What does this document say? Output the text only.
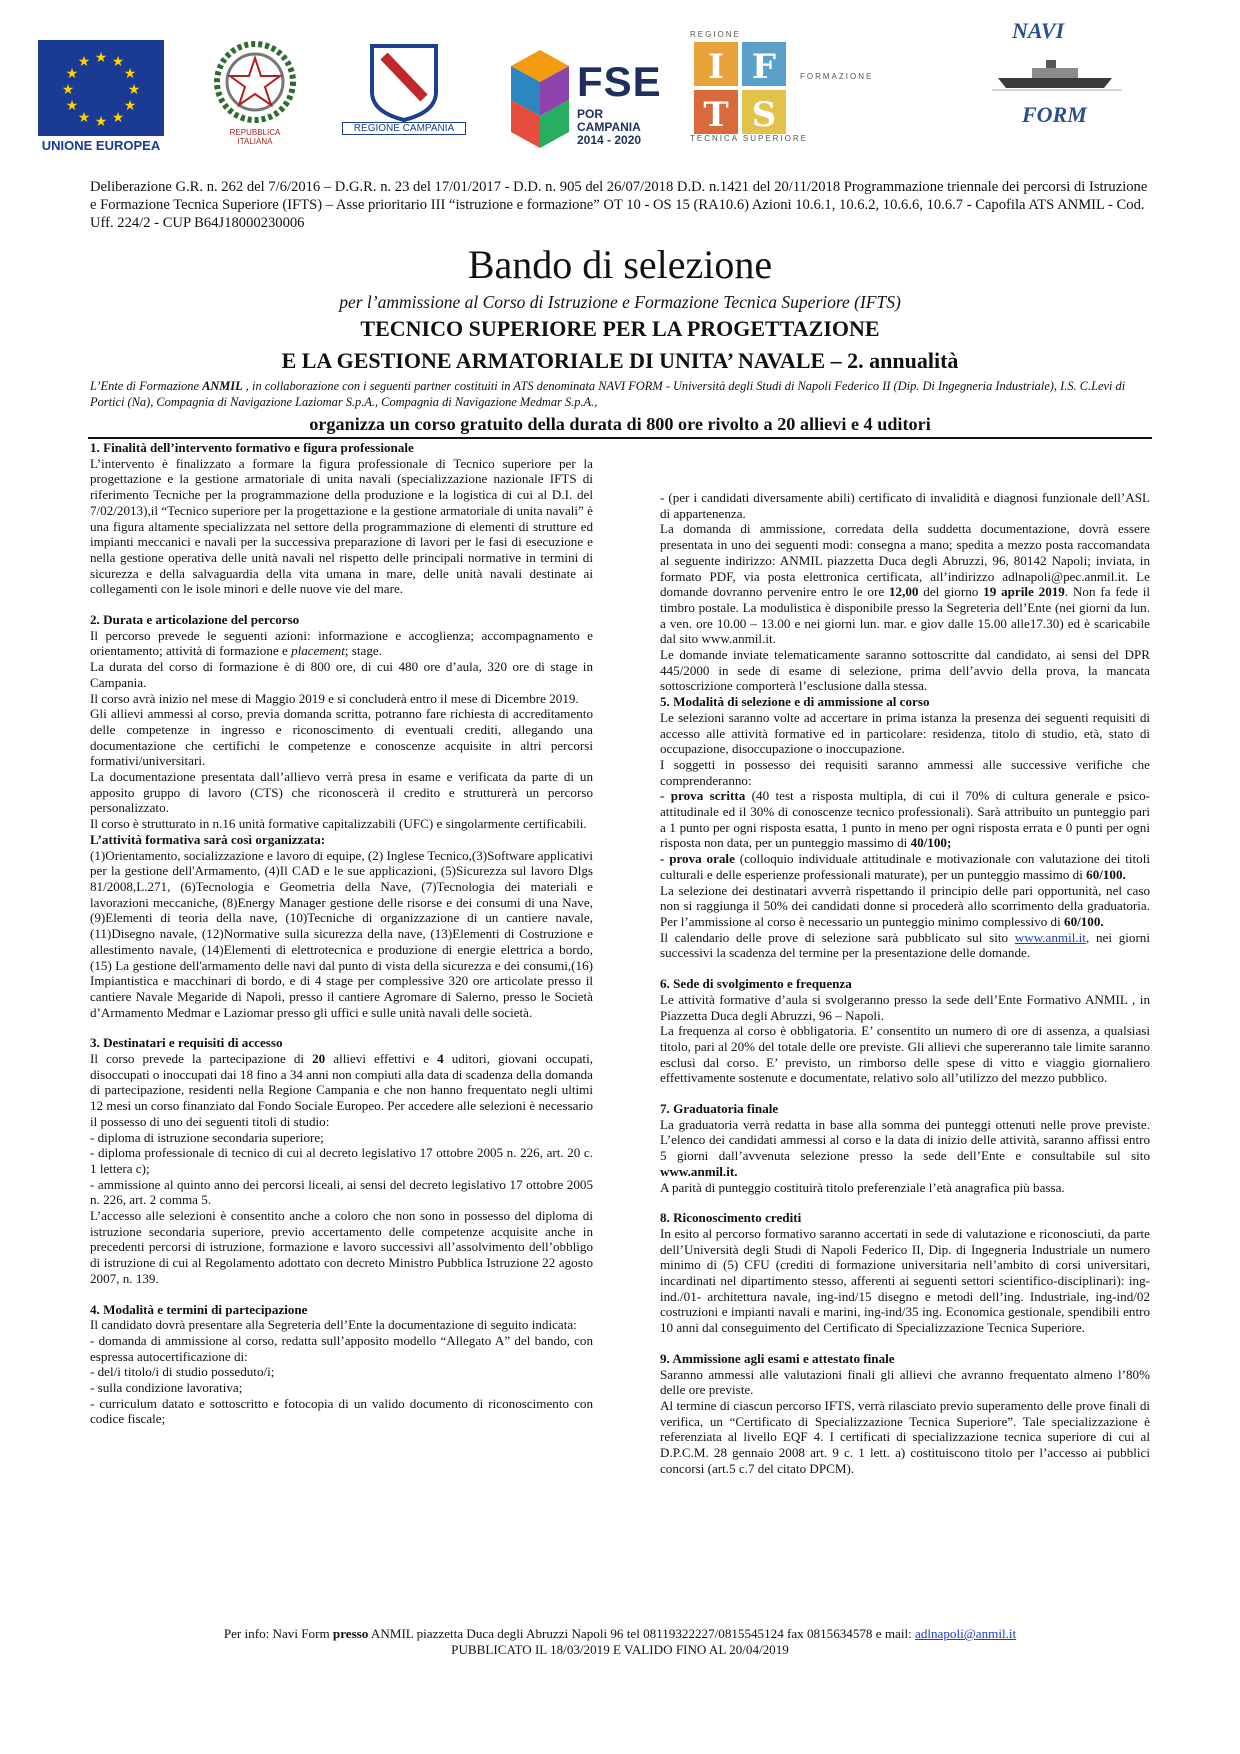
★ ★
★
★
★
★
★
★
★
★
★
★
UNIONE EUROPEA
REPUBBLICA ITALIANA
REGIONE CAMPANIA
FSE
POR CAMPANIA
2014 - 2020
REGIONE
I F
T S
FORMAZIONE
TECNICA SUPERIORE
NAVI
FORM
Deliberazione G.R. n. 262 del 7/6/2016 – D.G.R. n. 23 del 17/01/2017 - D.D. n. 905 del 26/07/2018 D.D. n.1421 del 20/11/2018 Programmazione triennale dei percorsi di Istruzione e Formazione Tecnica Superiore (IFTS) – Asse prioritario III “istruzione e formazione” OT 10 - OS 15 (RA10.6) Azioni 10.6.1, 10.6.2, 10.6.6, 10.6.7 - Capofila ATS ANMIL - Cod. Uff. 224/2 - CUP B64J18000230006
Bando di selezione
per l’ammissione al Corso di Istruzione e Formazione Tecnica Superiore (IFTS)
TECNICO SUPERIORE PER LA PROGETTAZIONE
E LA GESTIONE ARMATORIALE DI UNITA’ NAVALE – 2. annualità
L’Ente di Formazione ANMIL , in collaborazione con i seguenti partner costituiti in ATS denominata NAVI FORM - Università degli Studi di Napoli Federico II (Dip. Di Ingegneria Industriale), I.S. C.Levi di Portici (Na), Compagnia di Navigazione Laziomar S.p.A., Compagnia di Navigazione Medmar S.p.A.,
organizza un corso gratuito della durata di 800 ore rivolto a 20 allievi e 4 uditori
1. Finalità dell’intervento formativo e figura professionale

L’intervento è finalizzato a formare la figura professionale di Tecnico superiore per la progettazione e la gestione armatoriale di unita navali (specializzazione nazionale IFTS di riferimento Tecniche per la programmazione della produzione e la logistica di cui al D.I. del 7/02/2013),il “Tecnico superiore per la progettazione e la gestione armatoriale di unita navali” è una figura altamente specializzata nel settore della programmazione di elementi di strutture ed impianti meccanici e navali per la successiva preparazione di lavori per le fasi di esecuzione e nella gestione operativa delle unità navali nel rispetto delle principali normative in termini di sicurezza e della salvaguardia della vita umana in mare, delle unità navali destinate ai collegamenti con le isole minori e delle nuove vie del mare.

2. Durata e articolazione del percorso

Il percorso prevede le seguenti azioni: informazione e accoglienza; accompagnamento e orientamento; attività di formazione e placement; stage.

La durata del corso di formazione è di 800 ore, di cui 480 ore d’aula, 320 ore di stage in Campania.

Il corso avrà inizio nel mese di Maggio 2019 e si concluderà entro il mese di Dicembre 2019.

Gli allievi ammessi al corso, previa domanda scritta, potranno fare richiesta di accreditamento delle competenze in ingresso e riconoscimento di eventuali crediti, allegando una documentazione che certifichi le competenze e conoscenze acquisite in altri percorsi formativi/universitari.

La documentazione presentata dall’allievo verrà presa in esame e verificata da parte di un apposito gruppo di lavoro (CTS) che riconoscerà il credito e strutturerà un percorso personalizzato.

Il corso è strutturato in n.16 unità formative capitalizzabili (UFC) e singolarmente certificabili.

L’attività formativa sarà così organizzata:

(1)Orientamento, socializzazione e lavoro di equipe, (2) Inglese Tecnico,(3)Software applicativi per la gestione dell'Armamento, (4)Il CAD e le sue applicazioni, (5)Sicurezza sul lavoro Dlgs 81/2008,L.271, (6)Tecnologia e Geometria della Nave, (7)Tecnologia dei materiali e lavorazioni meccaniche, (8)Energy Manager gestione delle risorse e dei consumi di una Nave, (9)Elementi di teoria della nave, (10)Tecniche di organizzazione di un cantiere navale, (11)Disegno navale, (12)Normative sulla sicurezza della nave, (13)Elementi di Costruzione e allestimento navale, (14)Elementi di elettrotecnica e produzione di energie elettrica a bordo,(15) La gestione dell'armamento delle navi dal punto di vista della sicurezza e dei consumi,(16) Impiantistica e macchinari di bordo, e di 4 stage per complessive 320 ore articolate presso il cantiere Navale Megaride di Napoli, presso il cantiere Agromare di Salerno, presso le Società d’Armamento Medmar e Laziomar presso gli uffici e sulle unità navali delle società.

3. Destinatari e requisiti di accesso

Il corso prevede la partecipazione di 20 allievi effettivi e 4 uditori, giovani occupati, disoccupati o inoccupati dai 18 fino a 34 anni non compiuti alla data di scadenza della domanda di partecipazione, residenti nella Regione Campania e che non hanno frequentato negli ultimi 12 mesi un corso finanziato dal Fondo Sociale Europeo. Per accedere alle selezioni è necessario il possesso di uno dei seguenti titoli di studio:

- diploma di istruzione secondaria superiore;

- diploma professionale di tecnico di cui al decreto legislativo 17 ottobre 2005 n. 226, art. 20 c. 1 lettera c);

- ammissione al quinto anno dei percorsi liceali, ai sensi del decreto legislativo 17 ottobre 2005 n. 226, art. 2 comma 5.

L’accesso alle selezioni è consentito anche a coloro che non sono in possesso del diploma di istruzione secondaria superiore, previo accertamento delle competenze acquisite anche in precedenti percorsi di istruzione, formazione e lavoro successivi all’assolvimento dell’obbligo di istruzione di cui al Regolamento adottato con decreto Ministro Pubblica Istruzione 22 agosto 2007, n. 139.

4. Modalità e termini di partecipazione

Il candidato dovrà presentare alla Segreteria dell’Ente la documentazione di seguito indicata:

- domanda di ammissione al corso, redatta sull’apposito modello “Allegato A” del bando, con espressa autocertificazione di:

- del/i titolo/i di studio posseduto/i;

- sulla condizione lavorativa;

- curriculum datato e sottoscritto e fotocopia di un valido documento di riconoscimento con codice fiscale;

- (per i candidati diversamente abili) certificato di invalidità e diagnosi funzionale dell’ASL di appartenenza.

La domanda di ammissione, corredata della suddetta documentazione, dovrà essere presentata in uno dei seguenti modi: consegna a mano; spedita a mezzo posta raccomandata al seguente indirizzo: ANMIL piazzetta Duca degli Abruzzi, 96, 80142 Napoli; inviata, in formato PDF, via posta elettronica certificata, all’indirizzo adlnapoli@pec.anmil.it. Le domande dovranno pervenire entro le ore 12,00 del giorno 19 aprile 2019. Non fa fede il timbro postale. La modulistica è disponibile presso la Segreteria dell’Ente (nei giorni da lun. a ven. ore 10.00 – 13.00 e nei giorni lun. mar. e giov dalle 15.00 alle17.30) ed è scaricabile dal sito www.anmil.it.

Le domande inviate telematicamente saranno sottoscritte dal candidato, ai sensi del DPR 445/2000 in sede di esame di selezione, prima dell’avvio della prova, la mancata sottoscrizione comporterà l’esclusione dalla stessa.

5. Modalità di selezione e di ammissione al corso

Le selezioni saranno volte ad accertare in prima istanza la presenza dei seguenti requisiti di accesso alle attività formative ed in particolare: residenza, titolo di studio, età, stato di occupazione, disoccupazione o inoccupazione.

I soggetti in possesso dei requisiti saranno ammessi alle successive verifiche che comprenderanno:

- prova scritta (40 test a risposta multipla, di cui il 70% di cultura generale e psico-attitudinale ed il 30% di conoscenze tecnico professionali). Sarà attribuito un punteggio pari a 1 punto per ogni risposta esatta, 1 punto in meno per ogni risposta errata e 0 punti per ogni risposta non data, per un punteggio massimo di 40/100;

- prova orale (colloquio individuale attitudinale e motivazionale con valutazione dei titoli culturali e delle esperienze professionali maturate), per un punteggio massimo di 60/100.

La selezione dei destinatari avverrà rispettando il principio delle pari opportunità, nel caso non si raggiunga il 50% dei candidati donne si procederà allo scorrimento della graduatoria. Per l’ammissione al corso è necessario un punteggio minimo complessivo di 60/100.

Il calendario delle prove di selezione sarà pubblicato sul sito www.anmil.it, nei giorni successivi la scadenza del termine per la presentazione delle domande.

6. Sede di svolgimento e frequenza

Le attività formative d’aula si svolgeranno presso la sede dell’Ente Formativo ANMIL , in Piazzetta Duca degli Abruzzi, 96 – Napoli.

La frequenza al corso è obbligatoria. E’ consentito un numero di ore di assenza, a qualsiasi titolo, pari al 20% del totale delle ore previste. Gli allievi che supereranno tale limite saranno esclusi dal corso. E’ previsto, un rimborso delle spese di vitto e viaggio giornaliero effettivamente sostenute e documentate, relativo solo all’utilizzo del mezzo pubblico.

7. Graduatoria finale

La graduatoria verrà redatta in base alla somma dei punteggi ottenuti nelle prove previste. L’elenco dei candidati ammessi al corso e la data di inizio delle attività, saranno affissi entro 5 giorni dall’avvenuta selezione presso la sede dell’Ente e consultabile sul sito www.anmil.it.

A parità di punteggio costituirà titolo preferenziale l’età anagrafica più bassa.

8. Riconoscimento crediti

In esito al percorso formativo saranno accertati in sede di valutazione e riconosciuti, da parte dell’Università degli Studi di Napoli Federico II, Dip. di Ingegneria Industriale un numero minimo di (5) CFU (crediti di formazione universitaria nell’ambito di corsi universitari, incardinati nel dipartimento stesso, afferenti ai seguenti settori scientifico-disciplinari): ing-ind./01- architettura navale, ing-ind/15 disegno e metodi dell’ing. Industriale, ing-ind/02 costruzioni e impianti navali e marini, ing-ind/35 ing. Economica gestionale, spendibili entro 10 anni dal conseguimento del Certificato di Specializzazione Tecnica Superiore.

9. Ammissione agli esami e attestato finale

Saranno ammessi alle valutazioni finali gli allievi che avranno frequentato almeno l’80% delle ore previste.

Al termine di ciascun percorso IFTS, verrà rilasciato previo superamento delle prove finali di verifica, un “Certificato di Specializzazione Tecnica Superiore”. Tale specializzazione è referenziata al livello EQF 4. I certificati di specializzazione tecnica superiore di cui al D.P.C.M. 28 gennaio 2008 art. 9 c. 1 lett. a) costituiscono titolo per l’accesso ai pubblici concorsi (art.5 c.7 del citato DPCM).

Per info: Navi Form presso ANMIL piazzetta Duca degli Abruzzi Napoli 96 tel 08119322227/0815545124 fax 0815634578 e mail: adlnapoli@anmil.it
PUBBLICATO IL 18/03/2019 E VALIDO FINO AL 20/04/2019
